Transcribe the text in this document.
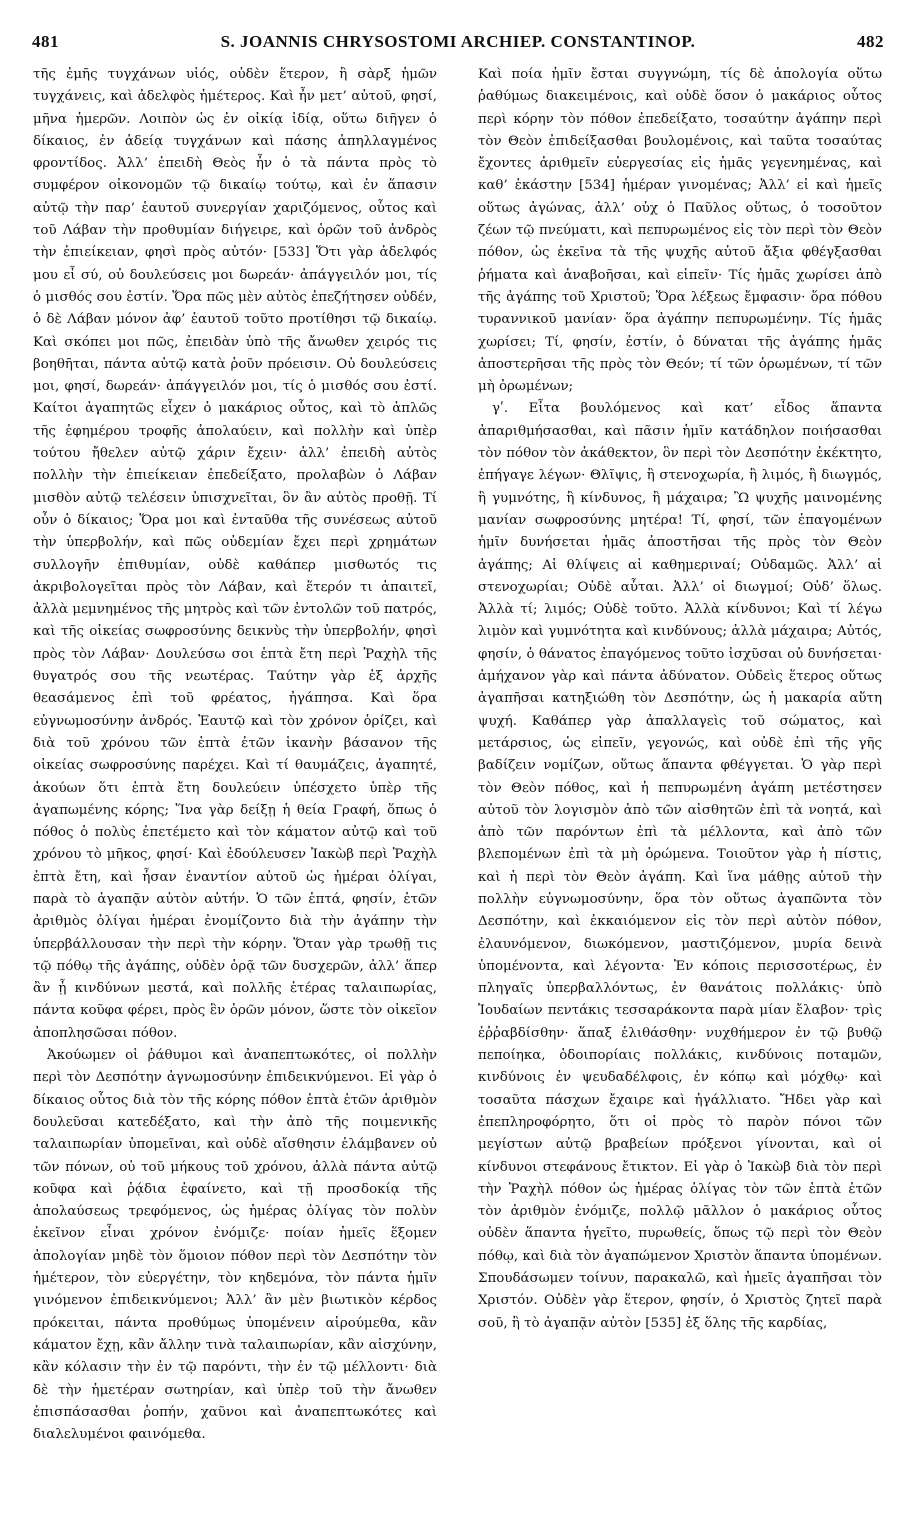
481	S. JOANNIS CHRYSOSTOMI ARCHIEP. CONSTANTINOP.	482

τῆς ἐμῆς τυγχάνων υἱός, οὐδὲν ἕτερον, ἢ σὰρξ ἡμῶν τυγχάνεις, καὶ ἀδελφὸς ἡμέτερος. Καὶ ἦν μετ’ αὐτοῦ, φησί, μῆνα ἡμερῶν. Λοιπὸν ὡς ἐν οἰκίᾳ ἰδίᾳ, οὕτω διῆγεν ὁ δίκαιος, ἐν ἀδείᾳ τυγχάνων καὶ πάσης ἀπηλλαγμένος φροντίδος. Ἀλλ’ ἐπειδὴ Θεὸς ἦν ὁ τὰ πάντα πρὸς τὸ συμφέρον οἰκονομῶν τῷ δικαίῳ τούτῳ, καὶ ἐν ἅπασιν αὐτῷ τὴν παρ’ ἑαυτοῦ συνεργίαν χαριζόμενος, οὗτος καὶ τοῦ Λάβαν τὴν προθυμίαν διήγειρε, καὶ ὁρῶν τοῦ ἀνδρὸς τὴν ἐπιείκειαν, φησὶ πρὸς αὐτόν· [533] Ὅτι γὰρ ἀδελφός μου εἶ σύ, οὐ δουλεύσεις μοι δωρεάν· ἀπάγγειλόν μοι, τίς ὁ μισθός σου ἐστίν. Ὅρα πῶς μὲν αὐτὸς ἐπεζήτησεν οὐδέν, ὁ δὲ Λάβαν μόνον ἀφ’ ἑαυτοῦ τοῦτο προτίθησι τῷ δικαίῳ. Καὶ σκόπει μοι πῶς, ἐπειδὰν ὑπὸ τῆς ἄνωθεν χειρός τις βοηθῆται, πάντα αὐτῷ κατὰ ῥοῦν πρόεισιν. Οὐ δουλεύσεις μοι, φησί, δωρεάν· ἀπάγγειλόν μοι, τίς ὁ μισθός σου ἐστί. Καίτοι ἀγαπητῶς εἶχεν ὁ μακάριος οὗτος, καὶ τὸ ἁπλῶς τῆς ἐφημέρου τροφῆς ἀπολαύειν, καὶ πολλὴν καὶ ὑπὲρ τούτου ἤθελεν αὐτῷ χάριν ἔχειν· ἀλλ’ ἐπειδὴ αὐτὸς πολλὴν τὴν ἐπιείκειαν ἐπεδείξατο, προλαβὼν ὁ Λάβαν μισθὸν αὐτῷ τελέσειν ὑπισχνεῖται, ὃν ἂν αὐτὸς προθῇ. Τί οὖν ὁ δίκαιος; Ὅρα μοι καὶ ἐνταῦθα τῆς συνέσεως αὐτοῦ τὴν ὑπερβολήν, καὶ πῶς οὐδεμίαν ἔχει περὶ χρημάτων συλλογῆν ἐπιθυμίαν, οὐδὲ καθάπερ μισθωτός τις ἀκριβολογεῖται πρὸς τὸν Λάβαν, καὶ ἕτερόν τι ἀπαιτεῖ, ἀλλὰ μεμνημένος τῆς μητρὸς καὶ τῶν ἐντολῶν τοῦ πατρός, καὶ τῆς οἰκείας σωφροσύνης δεικνὺς τὴν ὑπερβολήν, φησὶ πρὸς τὸν Λάβαν· Δουλεύσω σοι ἑπτὰ ἔτη περὶ Ῥαχὴλ τῆς θυγατρός σου τῆς νεωτέρας. Ταύτην γὰρ ἐξ ἀρχῆς θεασάμενος ἐπὶ τοῦ φρέατος, ἠγάπησα. Καὶ ὅρα εὐγνωμοσύνην ἀνδρός. Ἑαυτῷ καὶ τὸν χρόνον ὁρίζει, καὶ διὰ τοῦ χρόνου τῶν ἑπτὰ ἐτῶν ἱκανὴν βάσανον τῆς οἰκείας σωφροσύνης παρέχει. Καὶ τί θαυμάζεις, ἀγαπητέ, ἀκούων ὅτι ἑπτὰ ἔτη δουλεύειν ὑπέσχετο ὑπὲρ τῆς ἀγαπωμένης κόρης; Ἵνα γὰρ δείξῃ ἡ θεία Γραφή, ὅπως ὁ πόθος ὁ πολὺς ἐπετέμετο καὶ τὸν κάματον αὐτῷ καὶ τοῦ χρόνου τὸ μῆκος, φησί· Καὶ ἐδούλευσεν Ἰακὼβ περὶ Ῥαχὴλ ἑπτὰ ἔτη, καὶ ἦσαν ἐναντίον αὐτοῦ ὡς ἡμέραι ὀλίγαι, παρὰ τὸ ἀγαπᾷν αὐτὸν αὐτήν. Ὁ τῶν ἑπτά, φησίν, ἐτῶν ἀριθμὸς ὀλίγαι ἡμέραι ἐνομίζοντο διὰ τὴν ἀγάπην τὴν ὑπερβάλλουσαν τὴν περὶ τὴν κόρην. Ὅταν γὰρ τρωθῇ τις τῷ πόθῳ τῆς ἀγάπης, οὐδὲν ὁρᾷ τῶν δυσχερῶν, ἀλλ’ ἅπερ ἂν ᾖ κινδύνων μεστά, καὶ πολλῆς ἑτέρας ταλαιπωρίας, πάντα κοῦφα φέρει, πρὸς ἓν ὁρῶν μόνον, ὥστε τὸν οἰκεῖον ἀποπλησῶσαι πόθον.

Ἀκούωμεν οἱ ῥάθυμοι καὶ ἀναπεπτωκότες, οἱ πολλὴν περὶ τὸν Δεσπότην ἀγνωμοσύνην ἐπιδεικνύμενοι. Εἰ γὰρ ὁ δίκαιος οὗτος διὰ τὸν τῆς κόρης πόθον ἑπτὰ ἐτῶν ἀριθμὸν δουλεῦσαι κατεδέξατο, καὶ τὴν ἀπὸ τῆς ποιμενικῆς ταλαιπωρίαν ὑπομεῖναι, καὶ οὐδὲ αἴσθησιν ἐλάμβανεν οὐ τῶν πόνων, οὐ τοῦ μήκους τοῦ χρόνου, ἀλλὰ πάντα αὐτῷ κοῦφα καὶ ῥᾴδια ἐφαίνετο, καὶ τῇ προσδοκίᾳ τῆς ἀπολαύσεως τρεφόμενος, ὡς ἡμέρας ὀλίγας τὸν πολὺν ἐκεῖνον εἶναι χρόνον ἐνόμιζε· ποίαν ἡμεῖς ἕξομεν ἀπολογίαν μηδὲ τὸν ὅμοιον πόθον περὶ τὸν Δεσπότην τὸν ἡμέτερον, τὸν εὐεργέτην, τὸν κηδεμόνα, τὸν πάντα ἡμῖν γινόμενον ἐπιδεικνύμενοι; Ἀλλ’ ἂν μὲν βιωτικὸν κέρδος πρόκειται, πάντα προθύμως ὑπομένειν αἱρούμεθα, κἂν κάματον ἔχῃ, κἂν ἄλλην τινὰ ταλαιπωρίαν, κἂν αἰσχύνην, κἂν κόλασιν τὴν ἐν τῷ παρόντι, τὴν ἐν τῷ μέλλοντι· διὰ δὲ τὴν ἡμετέραν σωτηρίαν, καὶ ὑπὲρ τοῦ τὴν ἄνωθεν ἐπισπάσασθαι ῥοπήν, χαῦνοι καὶ ἀναπεπτωκότες καὶ διαλελυμένοι φαινόμεθα.

Καὶ ποία ἡμῖν ἔσται συγγνώμη, τίς δὲ ἀπολογία οὕτω ῥαθύμως διακειμένοις, καὶ οὐδὲ ὅσον ὁ μακάριος οὗτος περὶ κόρην τὸν πόθον ἐπεδείξατο, τοσαύτην ἀγάπην περὶ τὸν Θεὸν ἐπιδείξασθαι βουλομένοις, καὶ ταῦτα τοσαύτας ἔχοντες ἀριθμεῖν εὐεργεσίας εἰς ἡμᾶς γεγενημένας, καὶ καθ’ ἑκάστην [534] ἡμέραν γινομένας; Ἀλλ’ εἰ καὶ ἡμεῖς οὕτως ἀγώνας, ἀλλ’ οὐχ ὁ Παῦλος οὕτως, ὁ τοσοῦτον ζέων τῷ πνεύματι, καὶ πεπυρωμένος εἰς τὸν περὶ τὸν Θεὸν πόθον, ὡς ἐκεῖνα τὰ τῆς ψυχῆς αὐτοῦ ἄξια φθέγξασθαι ῥήματα καὶ ἀναβοῆσαι, καὶ εἰπεῖν· Τίς ἡμᾶς χωρίσει ἀπὸ τῆς ἀγάπης τοῦ Χριστοῦ; Ὅρα λέξεως ἔμφασιν· ὅρα πόθου τυραννικοῦ μανίαν· ὅρα ἀγάπην πεπυρωμένην. Τίς ἡμᾶς χωρίσει; Τί, φησίν, ἐστίν, ὁ δύναται τῆς ἀγάπης ἡμᾶς ἀποστερῆσαι τῆς πρὸς τὸν Θεόν; τί τῶν ὁρωμένων, τί τῶν μὴ ὁρωμένων;

γʹ. Εἶτα βουλόμενος καὶ κατ’ εἶδος ἅπαντα ἀπαριθμήσασθαι, καὶ πᾶσιν ἡμῖν κατάδηλον ποιήσασθαι τὸν πόθον τὸν ἀκάθεκτον, ὃν περὶ τὸν Δεσπότην ἐκέκτητο, ἐπήγαγε λέγων· Θλῖψις, ἢ στενοχωρία, ἢ λιμός, ἢ διωγμός, ἢ γυμνότης, ἢ κίνδυνος, ἢ μάχαιρα; Ὢ ψυχῆς μαινομένης μανίαν σωφροσύνης μητέρα! Τί, φησί, τῶν ἐπαγομένων ἡμῖν δυνήσεται ἡμᾶς ἀποστῆσαι τῆς πρὸς τὸν Θεὸν ἀγάπης; Αἱ θλίψεις αἱ καθημεριναί; Οὐδαμῶς. Ἀλλ’ αἱ στενοχωρίαι; Οὐδὲ αὗται. Ἀλλ’ οἱ διωγμοί; Οὐδ’ ὅλως. Ἀλλὰ τί; λιμός; Οὐδὲ τοῦτο. Ἀλλὰ κίνδυνοι; Καὶ τί λέγω λιμὸν καὶ γυμνότητα καὶ κινδύνους; ἀλλὰ μάχαιρα; Αὐτός, φησίν, ὁ θάνατος ἐπαγόμενος τοῦτο ἰσχῦσαι οὐ δυνήσεται· ἀμήχανον γὰρ καὶ πάντα ἀδύνατον. Οὐδεὶς ἕτερος οὕτως ἀγαπῆσαι κατηξιώθη τὸν Δεσπότην, ὡς ἡ μακαρία αὕτη ψυχή. Καθάπερ γὰρ ἀπαλλαγεὶς τοῦ σώματος, καὶ μετάρσιος, ὡς εἰπεῖν, γεγονώς, καὶ οὐδὲ ἐπὶ τῆς γῆς βαδίζειν νομίζων, οὕτως ἅπαντα φθέγγεται. Ὁ γὰρ περὶ τὸν Θεὸν πόθος, καὶ ἡ πεπυρωμένη ἀγάπη μετέστησεν αὐτοῦ τὸν λογισμὸν ἀπὸ τῶν αἰσθητῶν ἐπὶ τὰ νοητά, καὶ ἀπὸ τῶν παρόντων ἐπὶ τὰ μέλλοντα, καὶ ἀπὸ τῶν βλεπομένων ἐπὶ τὰ μὴ ὁρώμενα. Τοιοῦτον γὰρ ἡ πίστις, καὶ ἡ περὶ τὸν Θεὸν ἀγάπη. Καὶ ἵνα μάθῃς αὐτοῦ τὴν πολλὴν εὐγνωμοσύνην, ὅρα τὸν οὕτως ἀγαπῶντα τὸν Δεσπότην, καὶ ἐκκαιόμενον εἰς τὸν περὶ αὐτὸν πόθον, ἐλαυνόμενον, διωκόμενον, μαστιζόμενον, μυρία δεινὰ ὑπομένοντα, καὶ λέγοντα· Ἐν κόποις περισσοτέρως, ἐν πληγαῖς ὑπερβαλλόντως, ἐν θανάτοις πολλάκις· ὑπὸ Ἰουδαίων πεντάκις τεσσαράκοντα παρὰ μίαν ἔλαβον· τρὶς ἐῤῥαβδίσθην· ἅπαξ ἐλιθάσθην· νυχθήμερον ἐν τῷ βυθῷ πεποίηκα, ὁδοιπορίαις πολλάκις, κινδύνοις ποταμῶν, κινδύνοις ἐν ψευδαδέλφοις, ἐν κόπῳ καὶ μόχθῳ· καὶ τοσαῦτα πάσχων ἔχαιρε καὶ ἠγάλλιατο. Ἤδει γὰρ καὶ ἐπεπληροφόρητο, ὅτι οἱ πρὸς τὸ παρὸν πόνοι τῶν μεγίστων αὐτῷ βραβείων πρόξενοι γίνονται, καὶ οἱ κίνδυνοι στεφάνους ἔτικτον. Εἰ γὰρ ὁ Ἰακὼβ διὰ τὸν περὶ τὴν Ῥαχὴλ πόθον ὡς ἡμέρας ὀλίγας τὸν τῶν ἑπτὰ ἐτῶν τὸν ἀριθμὸν ἐνόμιζε, πολλῷ μᾶλλον ὁ μακάριος οὗτος οὐδὲν ἅπαντα ἡγεῖτο, πυρωθείς, ὅπως τῷ περὶ τὸν Θεὸν πόθῳ, καὶ διὰ τὸν ἀγαπώμενον Χριστὸν ἅπαντα ὑπομένων. Σπουδάσωμεν τοίνυν, παρακαλῶ, καὶ ἡμεῖς ἀγαπῆσαι τὸν Χριστόν. Οὐδὲν γὰρ ἕτερον, φησίν, ὁ Χριστὸς ζητεῖ παρὰ σοῦ, ἢ τὸ ἀγαπᾷν αὐτὸν [535] ἐξ ὅλης τῆς καρδίας,
